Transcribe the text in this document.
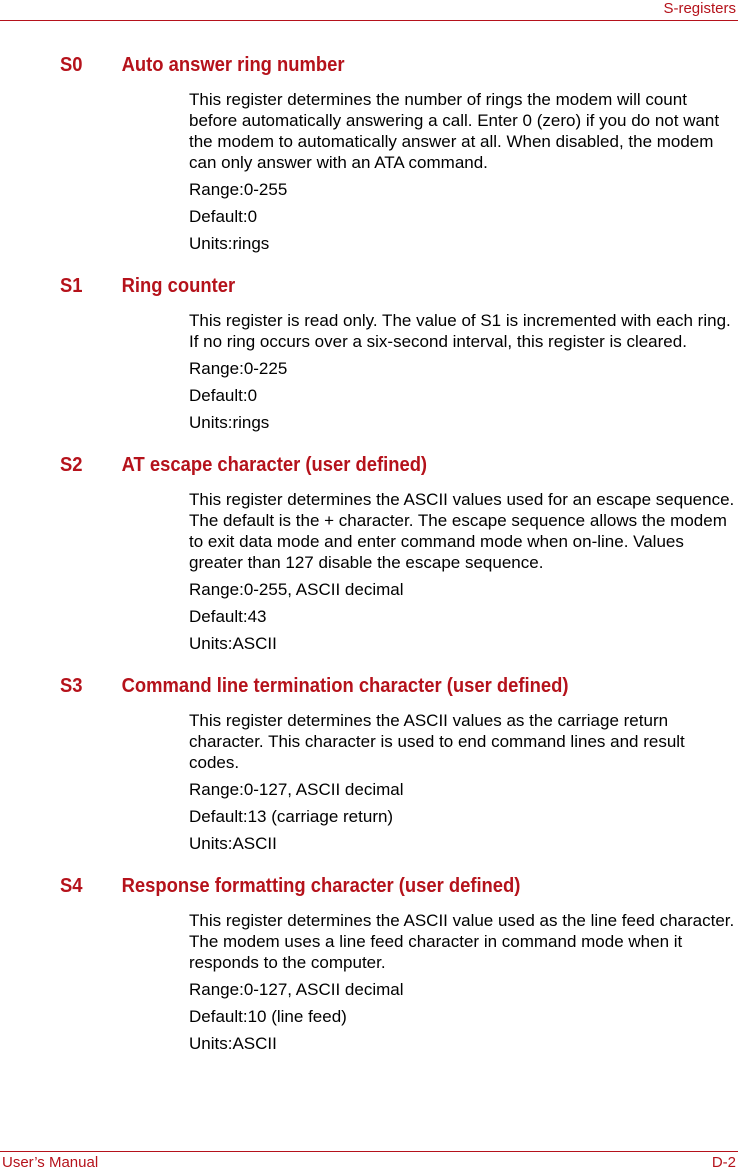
S-registers
S0	Auto answer ring number

This register determines the number of rings the modem will count before automatically answering a call. Enter 0 (zero) if you do not want the modem to automatically answer at all. When disabled, the modem can only answer with an ATA command.

Range:0-255
Default:0
Units:rings
S1	Ring counter

This register is read only. The value of S1 is incremented with each ring. If no ring occurs over a six-second interval, this register is cleared.

Range:0-225
Default:0
Units:rings
S2	AT escape character (user defined)

This register determines the ASCII values used for an escape sequence. The default is the + character. The escape sequence allows the modem to exit data mode and enter command mode when on-line. Values greater than 127 disable the escape sequence.

Range:0-255, ASCII decimal
Default:43
Units:ASCII
S3	Command line termination character (user defined)

This register determines the ASCII values as the carriage return character. This character is used to end command lines and result codes.

Range:0-127, ASCII decimal
Default:13 (carriage return)
Units:ASCII
S4	Response formatting character (user defined)

This register determines the ASCII value used as the line feed character. The modem uses a line feed character in command mode when it responds to the computer.

Range:0-127, ASCII decimal
Default:10 (line feed)
Units:ASCII
User’s Manual	D-2
